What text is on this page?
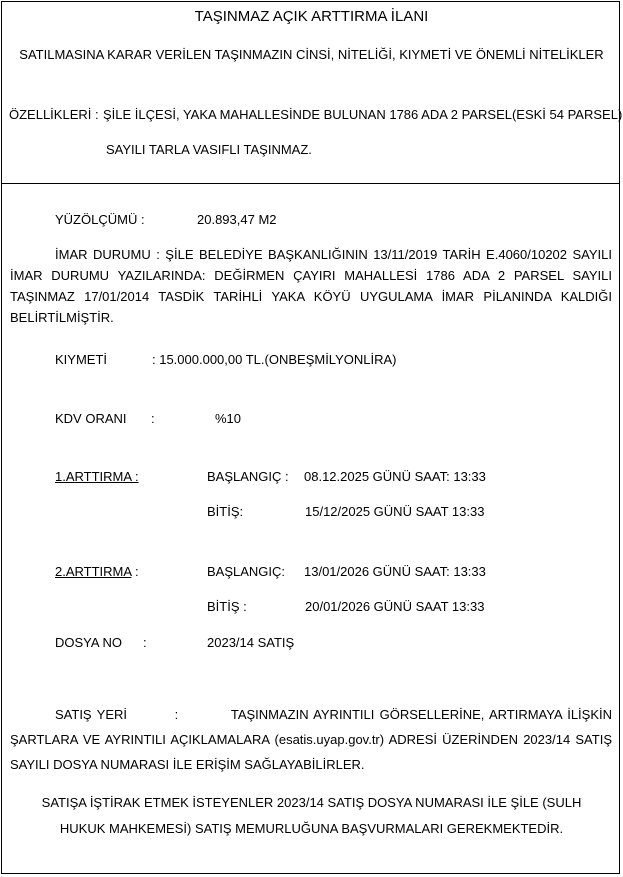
TAŞINMAZ AÇIK ARTTIRMA İLANI
SATILMASINA KARAR VERİLEN TAŞINMAZIN CİNSİ, NİTELİĞİ, KIYMETİ VE ÖNEMLİ NİTELİKLER
ÖZELLİKLERİ : ŞİLE İLÇESİ, YAKA MAHALLESİNDE BULUNAN 1786 ADA 2 PARSEL(ESKİ 54 PARSEL)
SAYILI TARLA VASIFLI TAŞINMAZ.
YÜZÖLÇÜMÜ :	20.893,47 M2
İMAR DURUMU : ŞİLE BELEDİYE BAŞKANLIĞININ 13/11/2019 TARİH E.4060/10202 SAYILI İMAR DURUMU YAZILARINDA: DEĞİRMEN ÇAYIRI MAHALLESİ 1786 ADA 2 PARSEL SAYILI TAŞINMAZ 17/01/2014 TASDİK TARİHLİ YAKA KÖYÜ UYGULAMA İMAR PİLANINDA KALDIĞI BELİRTİLMİŞTİR.
KIYMETİ	: 15.000.000,00 TL.(ONBEŞMİLYONLİRA)
KDV ORANI :	%10
1.ARTTIRMA :	BAŞLANGIÇ : 08.12.2025 GÜNÜ SAAT: 13:33
BİTİŞ:	15/12/2025 GÜNÜ SAAT 13:33
2.ARTTIRMA :	BAŞLANGIÇ: 13/01/2026 GÜNÜ SAAT: 13:33
BİTİŞ :	20/01/2026 GÜNÜ SAAT 13:33
DOSYA NO :	2023/14 SATIŞ
SATIŞ YERİ         :          TAŞINMAZIN AYRINTILI GÖRSELLERİNE, ARTIRMAYA İLİŞKİN ŞARTLARA VE AYRINTILI AÇIKLAMALARA (esatis.uyap.gov.tr) ADRESİ ÜZERİNDEN 2023/14 SATIŞ SAYILI DOSYA NUMARASI İLE ERİŞİM SAĞLAYABİLİRLER.
SATIŞA İŞTİRAK ETMEK İSTEYENLER 2023/14 SATIŞ DOSYA NUMARASI İLE ŞİLE (SULH HUKUK MAHKEMESİ) SATIŞ MEMURLUĞUNA BAŞVURMALARI GEREKMEKTEDİR.
